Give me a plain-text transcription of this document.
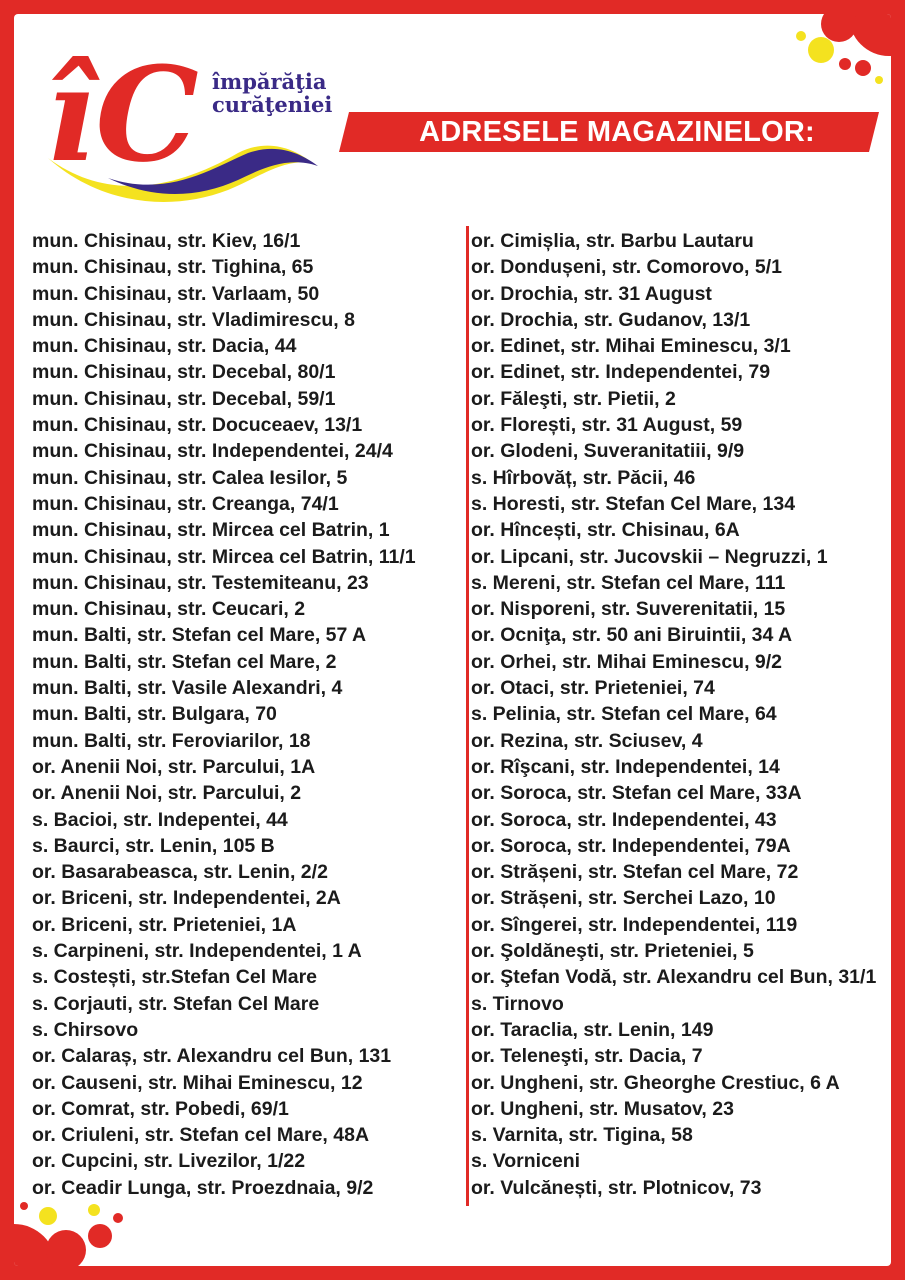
îC împărăţia
curăţeniei
ADRESELE MAGAZINELOR:
mun. Chisinau, str. Kiev, 16/1
mun. Chisinau, str. Tighina, 65
mun. Chisinau, str. Varlaam, 50
mun. Chisinau, str. Vladimirescu, 8
mun. Chisinau, str. Dacia, 44
mun. Chisinau, str. Decebal, 80/1
mun. Chisinau, str. Decebal, 59/1
mun. Chisinau, str. Docuceaev, 13/1
mun. Chisinau, str. Independentei, 24/4
mun. Chisinau, str. Calea Iesilor, 5
mun. Chisinau, str. Creanga, 74/1
mun. Chisinau, str. Mircea cel Batrin, 1
mun. Chisinau, str. Mircea cel Batrin, 11/1
mun. Chisinau, str. Testemiteanu, 23
mun. Chisinau, str. Ceucari, 2
mun. Balti, str. Stefan cel Mare, 57 A
mun. Balti, str. Stefan cel Mare, 2
mun. Balti, str. Vasile Alexandri, 4
mun. Balti, str. Bulgara, 70
mun. Balti, str. Feroviarilor, 18
or. Anenii Noi, str. Parcului, 1A
or. Anenii Noi, str. Parcului, 2
s. Bacioi, str. Indepentei, 44
s. Baurci, str. Lenin, 105 B
or. Basarabeasca, str. Lenin, 2/2
or. Briceni, str. Independentei, 2A
or. Briceni, str. Prieteniei, 1A
s. Carpineni, str. Independentei, 1 A
s. Costești, str.Stefan Cel Mare
s. Corjauti, str. Stefan Cel Mare
s. Chirsovo
or. Calaraș, str. Alexandru cel Bun, 131
or. Causeni, str. Mihai Eminescu, 12
or. Comrat, str. Pobedi, 69/1
or. Criuleni, str. Stefan cel Mare, 48A
or. Cupcini, str. Livezilor, 1/22
or. Ceadir Lunga, str. Proezdnaia, 9/2
or. Cimișlia, str. Barbu Lautaru
or. Dondușeni, str. Comorovo, 5/1
or. Drochia, str. 31 August
or. Drochia, str. Gudanov, 13/1
or. Edinet, str. Mihai Eminescu, 3/1
or. Edinet, str. Independentei, 79
or. Făleşti, str. Pietii, 2
or. Florești, str. 31 August, 59
or. Glodeni, Suveranitatiii, 9/9
s. Hîrbovăț, str. Păcii, 46
s. Horesti, str. Stefan Cel Mare, 134
or. Hîncești, str. Chisinau, 6A
or. Lipcani, str. Jucovskii – Negruzzi, 1
s. Mereni, str. Stefan cel Mare, 111
or. Nisporeni, str. Suverenitatii, 15
or. Ocniţa, str. 50 ani Biruintii, 34 A
or. Orhei, str. Mihai Eminescu, 9/2
or. Otaci, str. Prieteniei, 74
s. Pelinia, str. Stefan cel Mare, 64
or. Rezina, str. Sciusev, 4
or. Rîşcani, str. Independentei, 14
or. Soroca, str. Stefan cel Mare, 33A
or. Soroca, str. Independentei, 43
or. Soroca, str. Independentei, 79A
or. Strășeni, str. Stefan cel Mare, 72
or. Strășeni, str. Serchei Lazo, 10
or. Sîngerei, str. Independentei, 119
or. Şoldăneşti, str. Prieteniei, 5
or. Ştefan Vodă, str. Alexandru cel Bun, 31/1
s. Tirnovo
or. Taraclia, str. Lenin, 149
or. Teleneşti, str. Dacia, 7
or. Ungheni, str. Gheorghe Crestiuc, 6 A
or. Ungheni, str. Musatov, 23
s. Varnita, str. Tigina, 58
s. Vorniceni
or. Vulcănești, str. Plotnicov, 73
